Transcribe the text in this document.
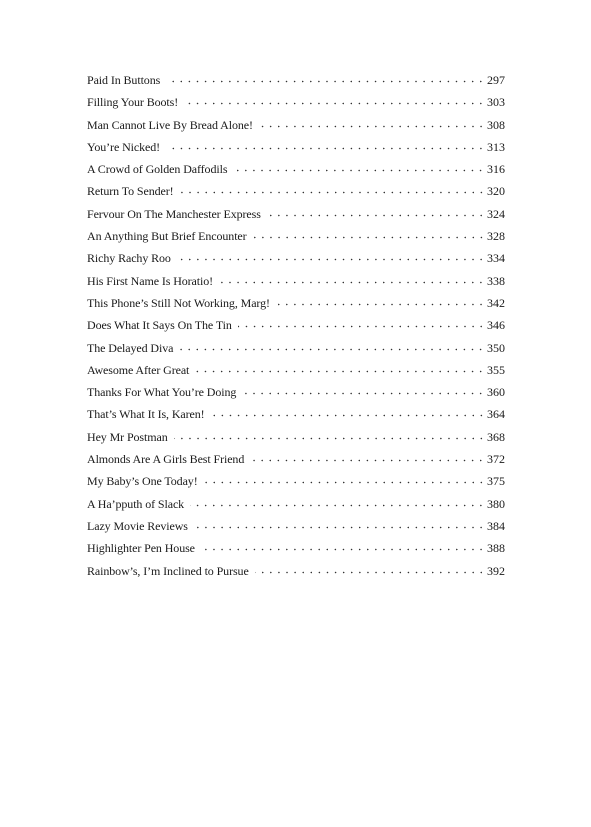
Paid In Buttons	297
Filling Your Boots!	303
Man Cannot Live By Bread Alone!	308
You’re Nicked!	313
A Crowd of Golden Daffodils	316
Return To Sender!	320
Fervour On The Manchester Express	324
An Anything But Brief Encounter	328
Richy Rachy Roo	334
His First Name Is Horatio!	338
This Phone’s Still Not Working, Marg!	342
Does What It Says On The Tin	346
The Delayed Diva	350
Awesome After Great	355
Thanks For What You’re Doing	360
That’s What It Is, Karen!	364
Hey Mr Postman	368
Almonds Are A Girls Best Friend	372
My Baby’s One Today!	375
A Ha’pputh of Slack	380
Lazy Movie Reviews	384
Highlighter Pen House	388
Rainbow’s, I’m Inclined to Pursue	392
